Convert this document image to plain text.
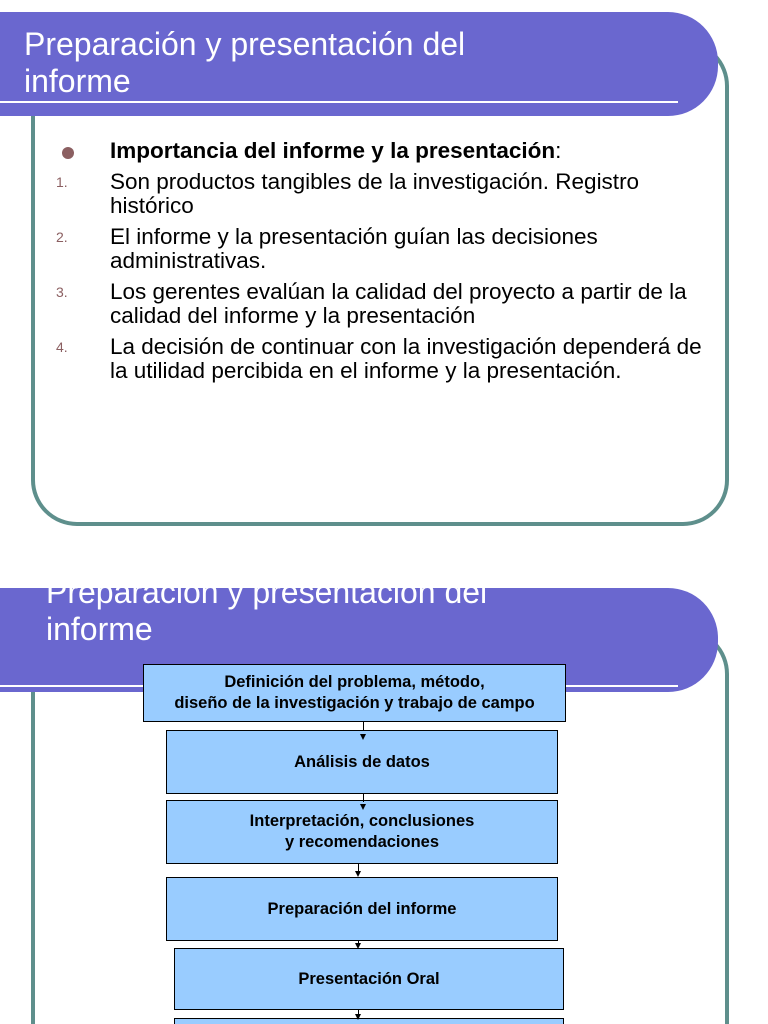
Preparación y presentación del
informe
Importancia del informe y la presentación:
1.	Son productos tangibles de la investigación. Registro histórico
2.	El informe y la presentación guían las decisiones administrativas.
3.	Los gerentes evalúan la calidad del proyecto a partir de la calidad del informe y la presentación
4.	La decisión de continuar con la investigación dependerá de la utilidad percibida en el informe y la presentación.
Preparación y presentación del
informe
Definición del problema, método,
diseño de la investigación y trabajo de campo
Análisis de datos
Interpretación, conclusiones
y recomendaciones
Preparación del informe
Presentación Oral
